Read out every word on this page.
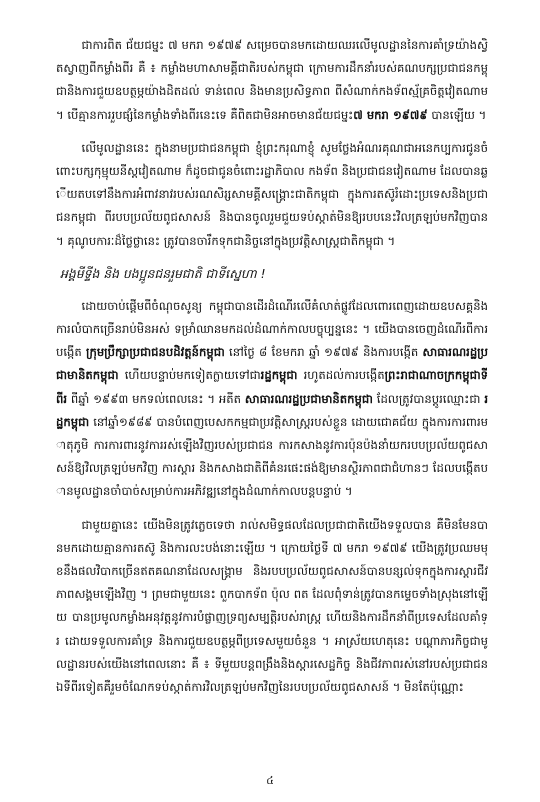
ជាការពិត ជ័យជម្នះ ៧ មករា ១៩៧៩ សម្រេចបានមកដោយឈរលើមូលដ្ឋាននៃការគាំទ្រយ៉ាងស្វិតស្វាញពីកម្លាំងពីរ គឺ ៖ កម្លាំងមហាសាមគ្គីជាតិរបស់កម្ពុជា ក្រោមការដឹកនាំរបស់គណបក្សប្រជាជនកម្ពុជានិងការជួយឧបត្ថម្ភយ៉ាងដិតដល់ ទាន់ពេល និងមានប្រសិទ្ធភាព ពីសំណាក់កងទ័ពស្ម័គ្រចិត្តវៀតណាម ។ បើគ្មានការរួបផ្សំនៃកម្លាំងទាំងពីរនេះទេ គឺពិតជាមិនអាចមានជ័យជម្នះ៧ មករា ១៩៧៩ បានឡើយ ។

លើមូលដ្ឋាននេះ ក្នុងនាមប្រជាជនកម្ពុជា ខ្ញុំព្រះករុណាខ្ញុំ សូមថ្លែងអំណរគុណជាអនេកប្បការជូនចំពោះបក្សកុម្មុយនីស្តវៀតណាម ក៏ដូចជាជូនចំពោះរដ្ឋាភិបាល កងទ័ព និងប្រជាជនវៀតណាម ដែលបានឆ្លើយតបទៅនឹងការអំពាវនាវរបស់រណសិរ្សសាមគ្គីសង្គ្រោះជាតិកម្ពុជា ក្នុងការតស៊ូរំដោះប្រទេសនិងប្រជាជនកម្ពុជា ពីរបបប្រល័យពូជសាសន៍ និងបានចូលរួមជួយទប់ស្កាត់មិនឱ្យរបបនេះវិលត្រឡប់មកវិញបាន ។ គុណូបការៈដ៏ថ្លៃថ្លានេះ ត្រូវបានចារឹកទុកជានិច្ចនៅក្នុងប្រវត្តិសាស្ត្រជាតិកម្ពុជា ។

អង្គមីទ្ទីង និង បងប្អូនជនរួមជាតិ ជាទីស្នេហា !

ដោយចាប់ផ្តើមពីចំណុចសូន្យ កម្ពុជាបានដើរដំណើរលើគំលាត់ផ្លូវដែលពោរពេញដោយឧបសគ្គនិងការលំបាកច្រើនរាប់មិនអស់ ទម្រាំឈានមកដល់ដំណាក់កាលបច្ចុប្បន្ននេះ ។ យើងបានចេញដំណើរពីការបង្កើត ក្រុមប្រឹក្សាប្រជាជនបដិវត្តន៍កម្ពុជា នៅថ្ងៃ ៨ ខែមករា ឆ្នាំ ១៩៧៩ និងការបង្កើត សាធារណរដ្ឋប្រជាមានិតកម្ពុជា ហើយបន្ទាប់មកទៀតក្លាយទៅជារដ្ឋកម្ពុជា រហូតដល់ការបង្កើតព្រះរាជាណាចក្រកម្ពុជាទីពីរ ពីឆ្នាំ ១៩៩៣ មកទល់ពេលនេះ ។ អតីត សាធារណរដ្ឋប្រជាមានិតកម្ពុជា ដែលត្រូវបានប្តូរឈ្មោះជា រដ្ឋកម្ពុជា នៅឆ្នាំ១៩៨៩ បានបំពេញបេសកកម្មជាប្រវត្តិសាស្ត្ររបស់ខ្លួន ដោយជោគជ័យ ក្នុងការការពារមាតុភូមិ ការការពារនូវការរស់ឡើងវិញរបស់ប្រជាជន ការកសាងនូវការប៉ុនប៉ងនាំយករបបប្រល័យពូជសាសន៍ឱ្យវិលត្រឡប់មកវិញ ការស្តារ និងកសាងជាតិពីគំនរផេះផង់ឱ្យមានស្ថិរភាពជាជំហានៗ ដែលបង្កើតបានមូលដ្ឋានចាំបាច់សម្រាប់ការអភិវឌ្ឍនៅក្នុងដំណាក់កាលបន្តបន្ទាប់ ។

ជាមួយគ្នានេះ យើងមិនត្រូវភ្លេចទេថា រាល់សមិទ្ធផលដែលប្រជាជាតិយើងទទួលបាន គឺមិនមែនបានមកដោយគ្មានការតស៊ូ និងការលះបង់នោះឡើយ ។ ក្រោយថ្ងៃទី ៧ មករា ១៩៧៩ យើងត្រូវប្រឈមមុខនឹងផលវិបាកច្រើនឥតគណនាដែលសង្គ្រាម និងរបបប្រល័យពូជសាសន៍បានបន្សល់ទុកក្នុងការស្តារជីវភាពសង្គមឡើងវិញ ។ ព្រមជាមួយនេះ ពួកបាកទ័ព ប៉ុល ពត ដែលពុំទាន់ត្រូវបានកម្ទេចទាំងស្រុងនៅឡើយ បានប្រមូលកម្លាំងអនុវត្តនូវការបំផ្លាញទ្រព្យសម្បត្តិរបស់រាស្ត្រ ហើយនិងការដឹកនាំពីប្រទេសដែលគាំទ្រ ដោយទទួលការគាំទ្រ និងការជួយឧបត្ថម្ភពីប្រទេសមួយចំនួន ។ អាស្រ័យហេតុនេះ បណ្តាភារកិច្ចជាមូលដ្ឋានរបស់យើងនៅពេលនោះ គឺ ៖ ទីមួយបន្តពង្រឹងនិងស្តារសេដ្ឋកិច្ច និងជីវភាពរស់នៅរបស់ប្រជាជន ឯទីពីរទៀតគឺរួមចំណែកទប់ស្កាត់ការវិលត្រឡប់មកវិញនៃរបបប្រល័យពូជសាសន៍ ។ មិនតែប៉ុណ្ណោះ

៤
